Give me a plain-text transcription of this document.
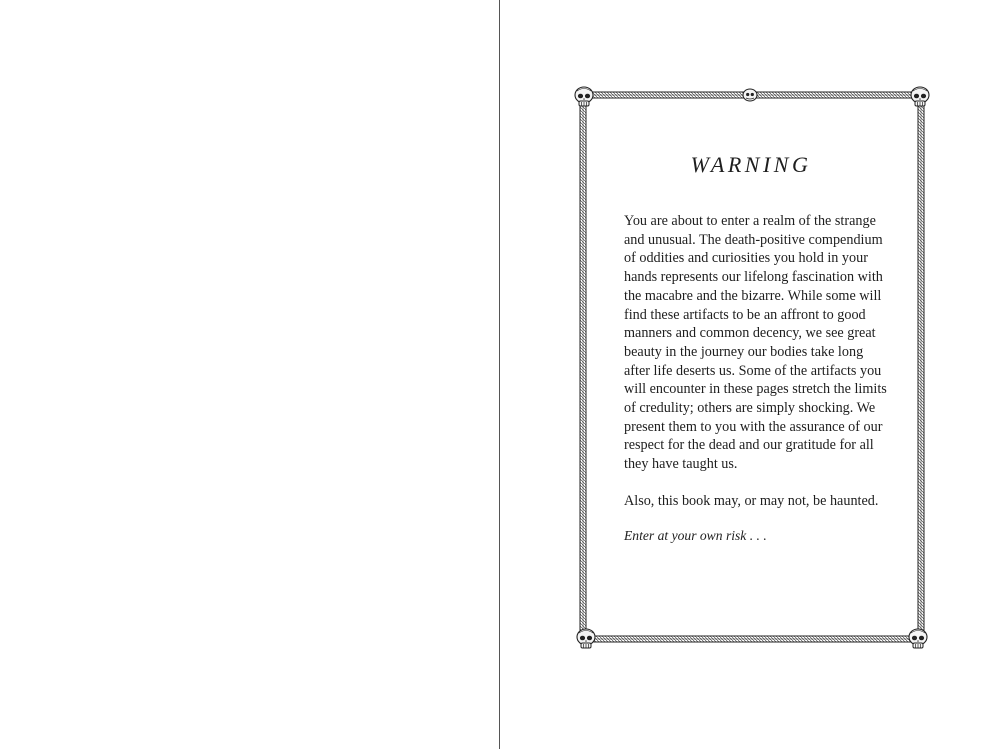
WARNING

You are about to enter a realm of the strange
and unusual. The death-positive compendium
of oddities and curiosities you hold in your
hands represents our lifelong fascination with
the macabre and the bizarre. While some will
find these artifacts to be an affront to good
manners and common decency, we see great
beauty in the journey our bodies take long
after life deserts us. Some of the artifacts you
will encounter in these pages stretch the limits
of credulity; others are simply shocking. We
present them to you with the assurance of our
respect for the dead and our gratitude for all
they have taught us.

Also, this book may, or may not, be haunted.

Enter at your own risk . . .
